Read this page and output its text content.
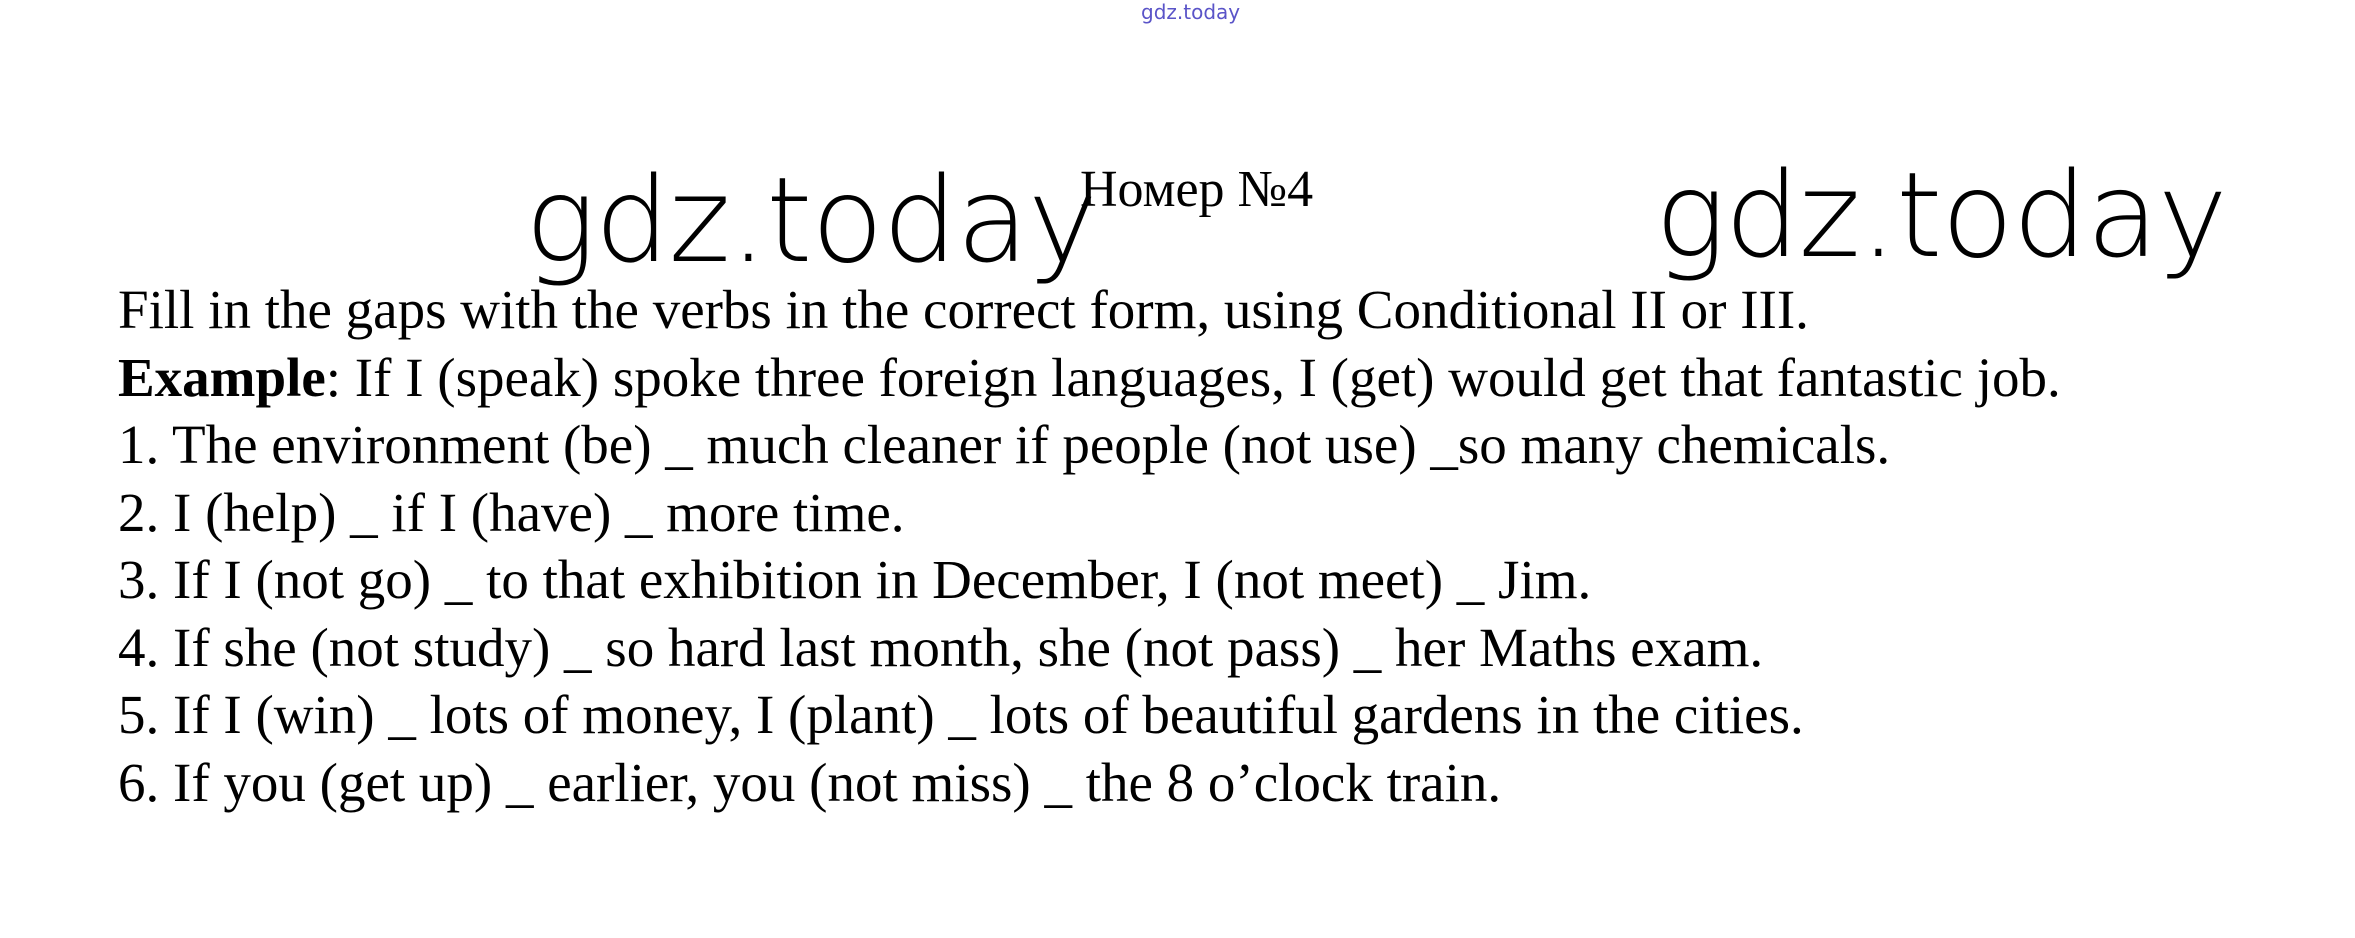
gdz.today
gdz.today
Номер №4	gdz.today
Fill in the gaps with the verbs in the correct form, using Conditional II or III.
Example: If I (speak) spoke three foreign languages, I (get) would get that fantastic job.
1. The environment (be) _ much cleaner if people (not use) _so many chemicals.
2. I (help) _ if I (have) _ more time.
3. If I (not go) _ to that exhibition in December, I (not meet) _ Jim.
4. If she (not study) _ so hard last month, she (not pass) _ her Maths exam.
5. If I (win) _ lots of money, I (plant) _ lots of beautiful gardens in the cities.
6. If you (get up) _ earlier, you (not miss) _ the 8 o’clock train.
